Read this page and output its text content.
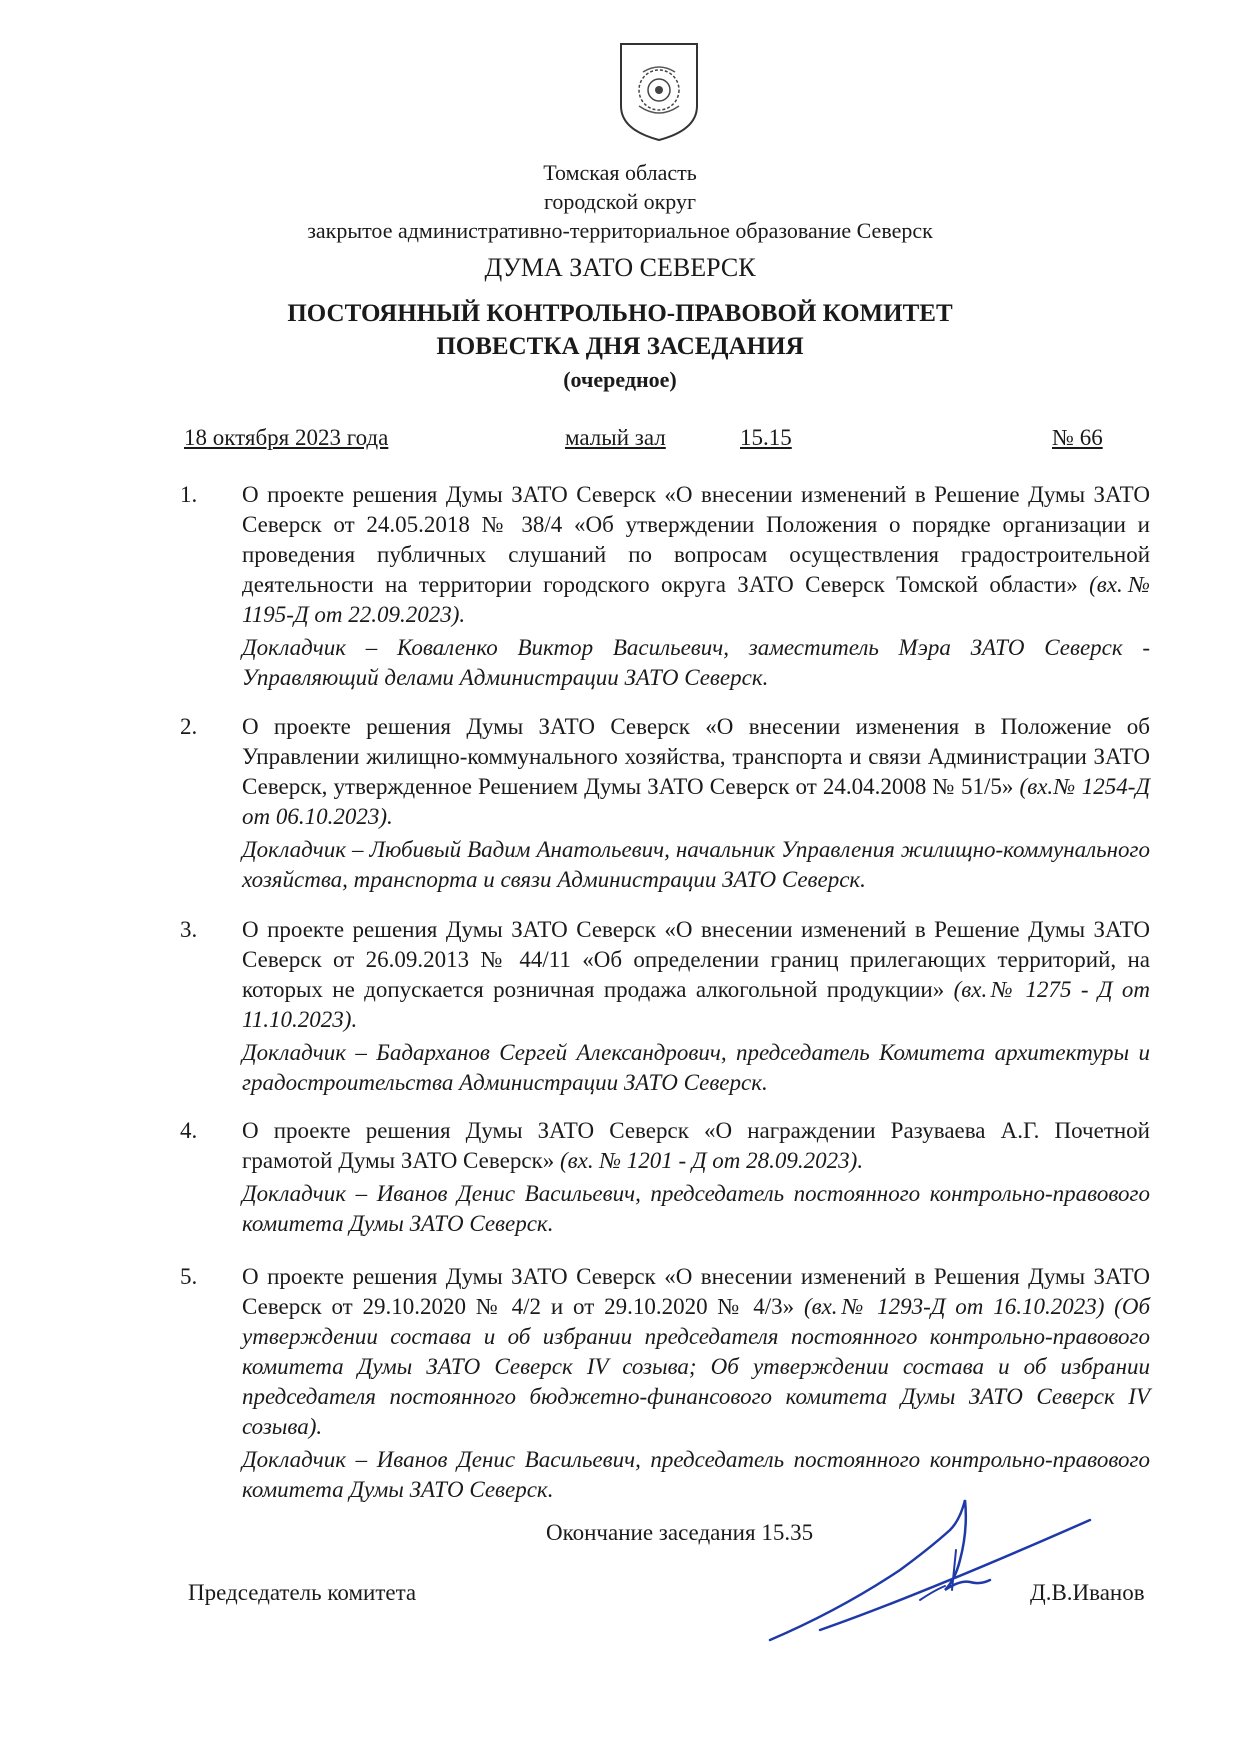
Томская область
городской округ
закрытое административно-территориальное образование Северск
ДУМА ЗАТО СЕВЕРСК
ПОСТОЯННЫЙ КОНТРОЛЬНО-ПРАВОВОЙ КОМИТЕТ
ПОВЕСТКА ДНЯ ЗАСЕДАНИЯ
(очередное)
18 октября 2023 года	малый зал	15.15	№ 66
1.	О проекте решения Думы ЗАТО Северск «О внесении изменений в Решение Думы ЗАТО Северск от 24.05.2018 № 38/4 «Об утверждении Положения о порядке организации и проведения публичных слушаний по вопросам осуществления градостроительной деятельности на территории городского округа ЗАТО Северск Томской области» (вх.№ 1195-Д от 22.09.2023).
Докладчик – Коваленко Виктор Васильевич, заместитель Мэра ЗАТО Северск - Управляющий делами Администрации ЗАТО Северск.
2.	О проекте решения Думы ЗАТО Северск «О внесении изменения в Положение об Управлении жилищно-коммунального хозяйства, транспорта и связи Администрации ЗАТО Северск, утвержденное Решением Думы ЗАТО Северск от 24.04.2008 № 51/5» (вх.№ 1254-Д от 06.10.2023).
Докладчик – Любивый Вадим Анатольевич, начальник Управления жилищно-коммунального хозяйства, транспорта и связи Администрации ЗАТО Северск.
3.	О проекте решения Думы ЗАТО Северск «О внесении изменений в Решение Думы ЗАТО Северск от 26.09.2013 № 44/11 «Об определении границ прилегающих территорий, на которых не допускается розничная продажа алкогольной продукции» (вх.№ 1275 - Д от 11.10.2023).
Докладчик – Бадарханов Сергей Александрович, председатель Комитета архитектуры и градостроительства Администрации ЗАТО Северск.
4.	О проекте решения Думы ЗАТО Северск «О награждении Разуваева А.Г. Почетной грамотой Думы ЗАТО Северск» (вх. № 1201 - Д от 28.09.2023).
Докладчик – Иванов Денис Васильевич, председатель постоянного контрольно-правового комитета Думы ЗАТО Северск.
5.	О проекте решения Думы ЗАТО Северск «О внесении изменений в Решения Думы ЗАТО Северск от 29.10.2020 № 4/2 и от 29.10.2020 № 4/3» (вх.№ 1293-Д от 16.10.2023) (Об утверждении состава и об избрании председателя постоянного контрольно-правового комитета Думы ЗАТО Северск IV созыва; Об утверждении состава и об избрании председателя постоянного бюджетно-финансового комитета Думы ЗАТО Северск IV созыва).
Докладчик – Иванов Денис Васильевич, председатель постоянного контрольно-правового комитета Думы ЗАТО Северск.
Окончание заседания 15.35
Председатель комитета	Д.В.Иванов
